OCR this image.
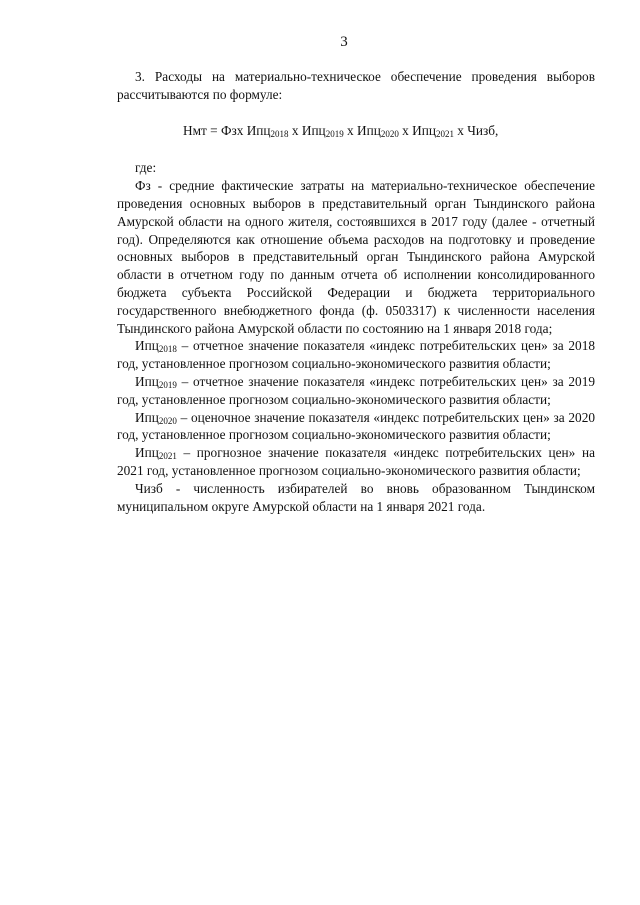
3

3. Расходы на материально-техническое обеспечение проведения выборов рассчитываются по формуле:

Нмт = Фзх Ипц$_{2018}$ х Ипц$_{2019}$ х Ипц$_{2020}$ х Ипц$_{2021}$ х Чизб,

где:

Фз - средние фактические затраты на материально-техническое обеспечение проведения основных выборов в представительный орган Тындинского района Амурской области на одного жителя, состоявшихся в 2017 году (далее - отчетный год). Определяются как отношение объема расходов на подготовку и проведение основных выборов в представительный орган Тындинского района Амурской области в отчетном году по данным отчета об исполнении консолидированного бюджета субъекта Российской Федерации и бюджета территориального государственного внебюджетного фонда (ф. 0503317) к численности населения Тындинского района Амурской области по состоянию на 1 января 2018 года;

Ипц$_{2018}$ – отчетное значение показателя «индекс потребительских цен» за 2018 год, установленное прогнозом социально-экономического развития области;

Ипц$_{2019}$ – отчетное значение показателя «индекс потребительских цен» за 2019 год, установленное прогнозом социально-экономического развития области;

Ипц$_{2020}$ – оценочное значение показателя «индекс потребительских цен» за 2020 год, установленное прогнозом социально-экономического развития области;

Ипц$_{2021}$ – прогнозное значение показателя «индекс потребительских цен» на 2021 год, установленное прогнозом социально-экономического развития области;

Чизб - численность избирателей во вновь образованном Тындинском муниципальном округе Амурской области на 1 января 2021 года.
